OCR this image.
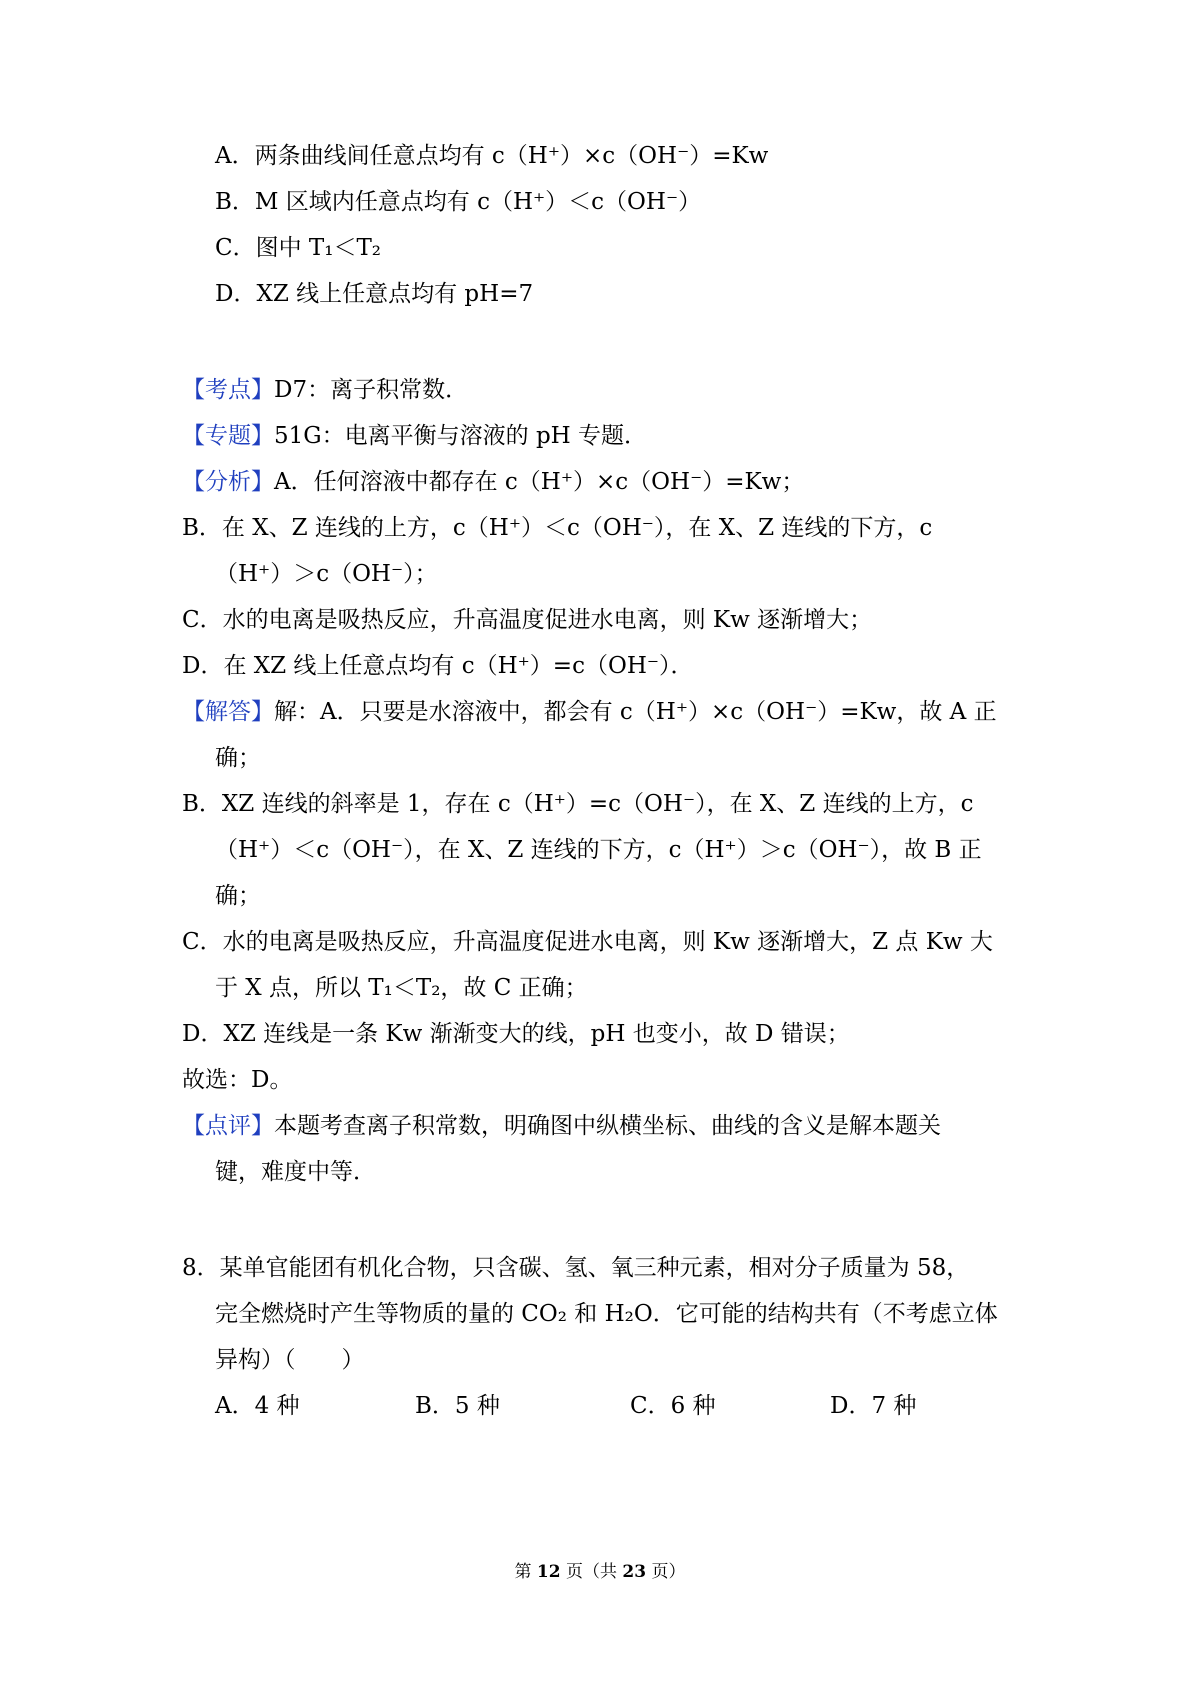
A．两条曲线间任意点均有 c（H⁺）×c（OH⁻）=Kw
B．M 区域内任意点均有 c（H⁺）＜c（OH⁻）
C．图中 T₁＜T₂
D．XZ 线上任意点均有 pH=7
【考点】D7：离子积常数．
【专题】51G：电离平衡与溶液的 pH 专题．
【分析】A．任何溶液中都存在 c（H⁺）×c（OH⁻）=Kw；
B．在 X、Z 连线的上方，c（H⁺）＜c（OH⁻），在 X、Z 连线的下方，c
（H⁺）＞c（OH⁻）；
C．水的电离是吸热反应，升高温度促进水电离，则 Kw 逐渐增大；
D．在 XZ 线上任意点均有 c（H⁺）=c（OH⁻）．
【解答】解：A．只要是水溶液中，都会有 c（H⁺）×c（OH⁻）=Kw，故 A 正
确；
B．XZ 连线的斜率是 1，存在 c（H⁺）=c（OH⁻），在 X、Z 连线的上方，c
（H⁺）＜c（OH⁻），在 X、Z 连线的下方，c（H⁺）＞c（OH⁻），故 B 正
确；
C．水的电离是吸热反应，升高温度促进水电离，则 Kw 逐渐增大，Z 点 Kw 大
于 X 点，所以 T₁＜T₂，故 C 正确；
D．XZ 连线是一条 Kw 渐渐变大的线，pH 也变小，故 D 错误；
故选：D。
【点评】本题考查离子积常数，明确图中纵横坐标、曲线的含义是解本题关
键，难度中等．
8．某单官能团有机化合物，只含碳、氢、氧三种元素，相对分子质量为 58，
完全燃烧时产生等物质的量的 CO₂ 和 H₂O．它可能的结构共有（不考虑立体
异构）（　　）
A．4 种	B．5 种	C．6 种	D．7 种
第 12 页（共 23 页）
